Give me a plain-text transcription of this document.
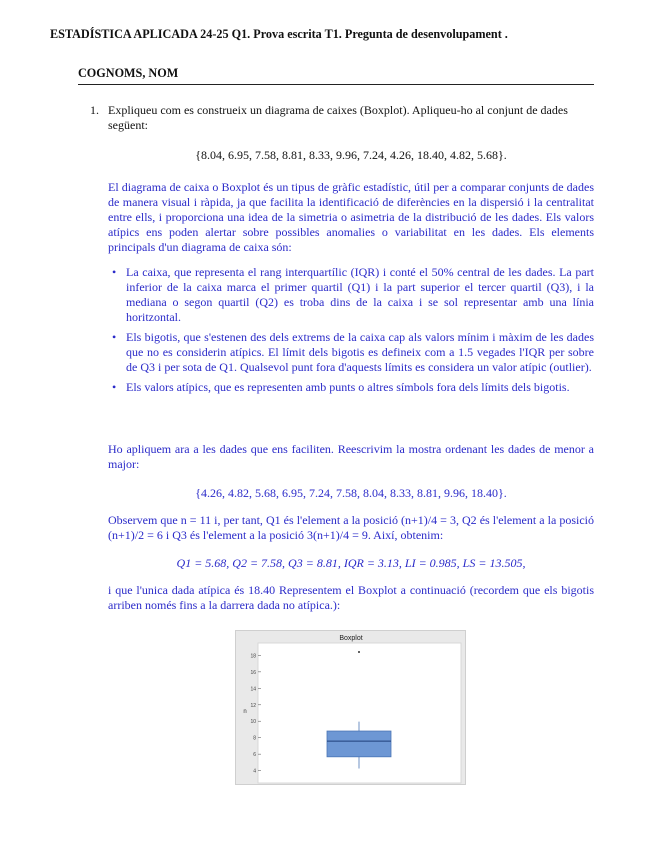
ESTADÍSTICA APLICADA 24-25 Q1. Prova escrita T1. Pregunta de desenvolupament .
COGNOMS, NOM
1. Expliqueu com es construeix un diagrama de caixes (Boxplot). Apliqueu-ho al conjunt de dades següent:
{8.04, 6.95, 7.58, 8.81, 8.33, 9.96, 7.24, 4.26, 18.40, 4.82, 5.68}.

El diagrama de caixa o Boxplot és un tipus de gràfic estadístic, útil per a comparar conjunts de dades de manera visual i ràpida, ja que facilita la identificació de diferències en la dispersió i la centralitat entre ells, i proporciona una idea de la simetria o asimetria de la distribució de les dades. Els valors atípics ens poden alertar sobre possibles anomalies o variabilitat en les dades. Els elements principals d'un diagrama de caixa són:

• La caixa, que representa el rang interquartílic (IQR) i conté el 50% central de les dades. La part inferior de la caixa marca el primer quartil (Q1) i la part superior el tercer quartil (Q3), i la mediana o segon quartil (Q2) es troba dins de la caixa i se sol representar amb una línia horitzontal.
• Els bigotis, que s'estenen des dels extrems de la caixa cap als valors mínim i màxim de les dades que no es considerin atípics. El límit dels bigotis es defineix com a 1.5 vegades l'IQR per sobre de Q3 i per sota de Q1. Qualsevol punt fora d'aquests límits es considera un valor atípic (outlier).
• Els valors atípics, que es representen amb punts o altres símbols fora dels límits dels bigotis.

Ho apliquem ara a les dades que ens faciliten. Reescrivim la mostra ordenant les dades de menor a major:

{4.26, 4.82, 5.68, 6.95, 7.24, 7.58, 8.04, 8.33, 8.81, 9.96, 18.40}.

Observem que n = 11 i, per tant, Q1 és l'element a la posició (n+1)/4 = 3, Q2 és l'element a la posició (n+1)/2 = 6 i Q3 és l'element a la posició 3(n+1)/4 = 9. Així, obtenim:

Q1 = 5.68, Q2 = 7.58, Q3 = 8.81, IQR = 3.13, LI = 0.985, LS = 13.505,

i que l'unica dada atípica és 18.40 Representem el Boxplot a continuació (recordem que els bigotis arriben només fins a la darrera dada no atípica.):

Boxplot
n
4
6
8
10
12
14
16
18
